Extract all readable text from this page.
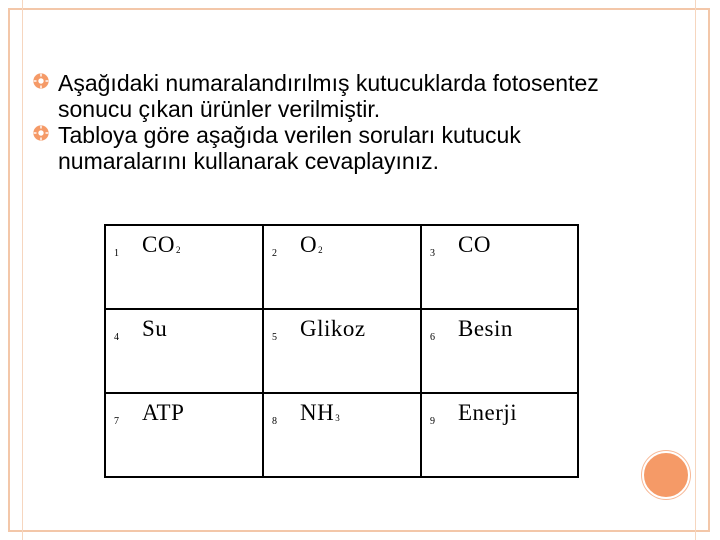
Aşağıdaki numaralandırılmış kutucuklarda fotosentez
sonucu çıkan ürünler verilmiştir.
Tabloya göre aşağıda verilen soruları kutucuk
numaralarını kullanarak cevaplayınız.
1 $CO_2$	2 $O_2$	3 CO

4 Su	5 Glikoz	6 Besin

7 ATP	8 $NH_3$	9 Enerji
